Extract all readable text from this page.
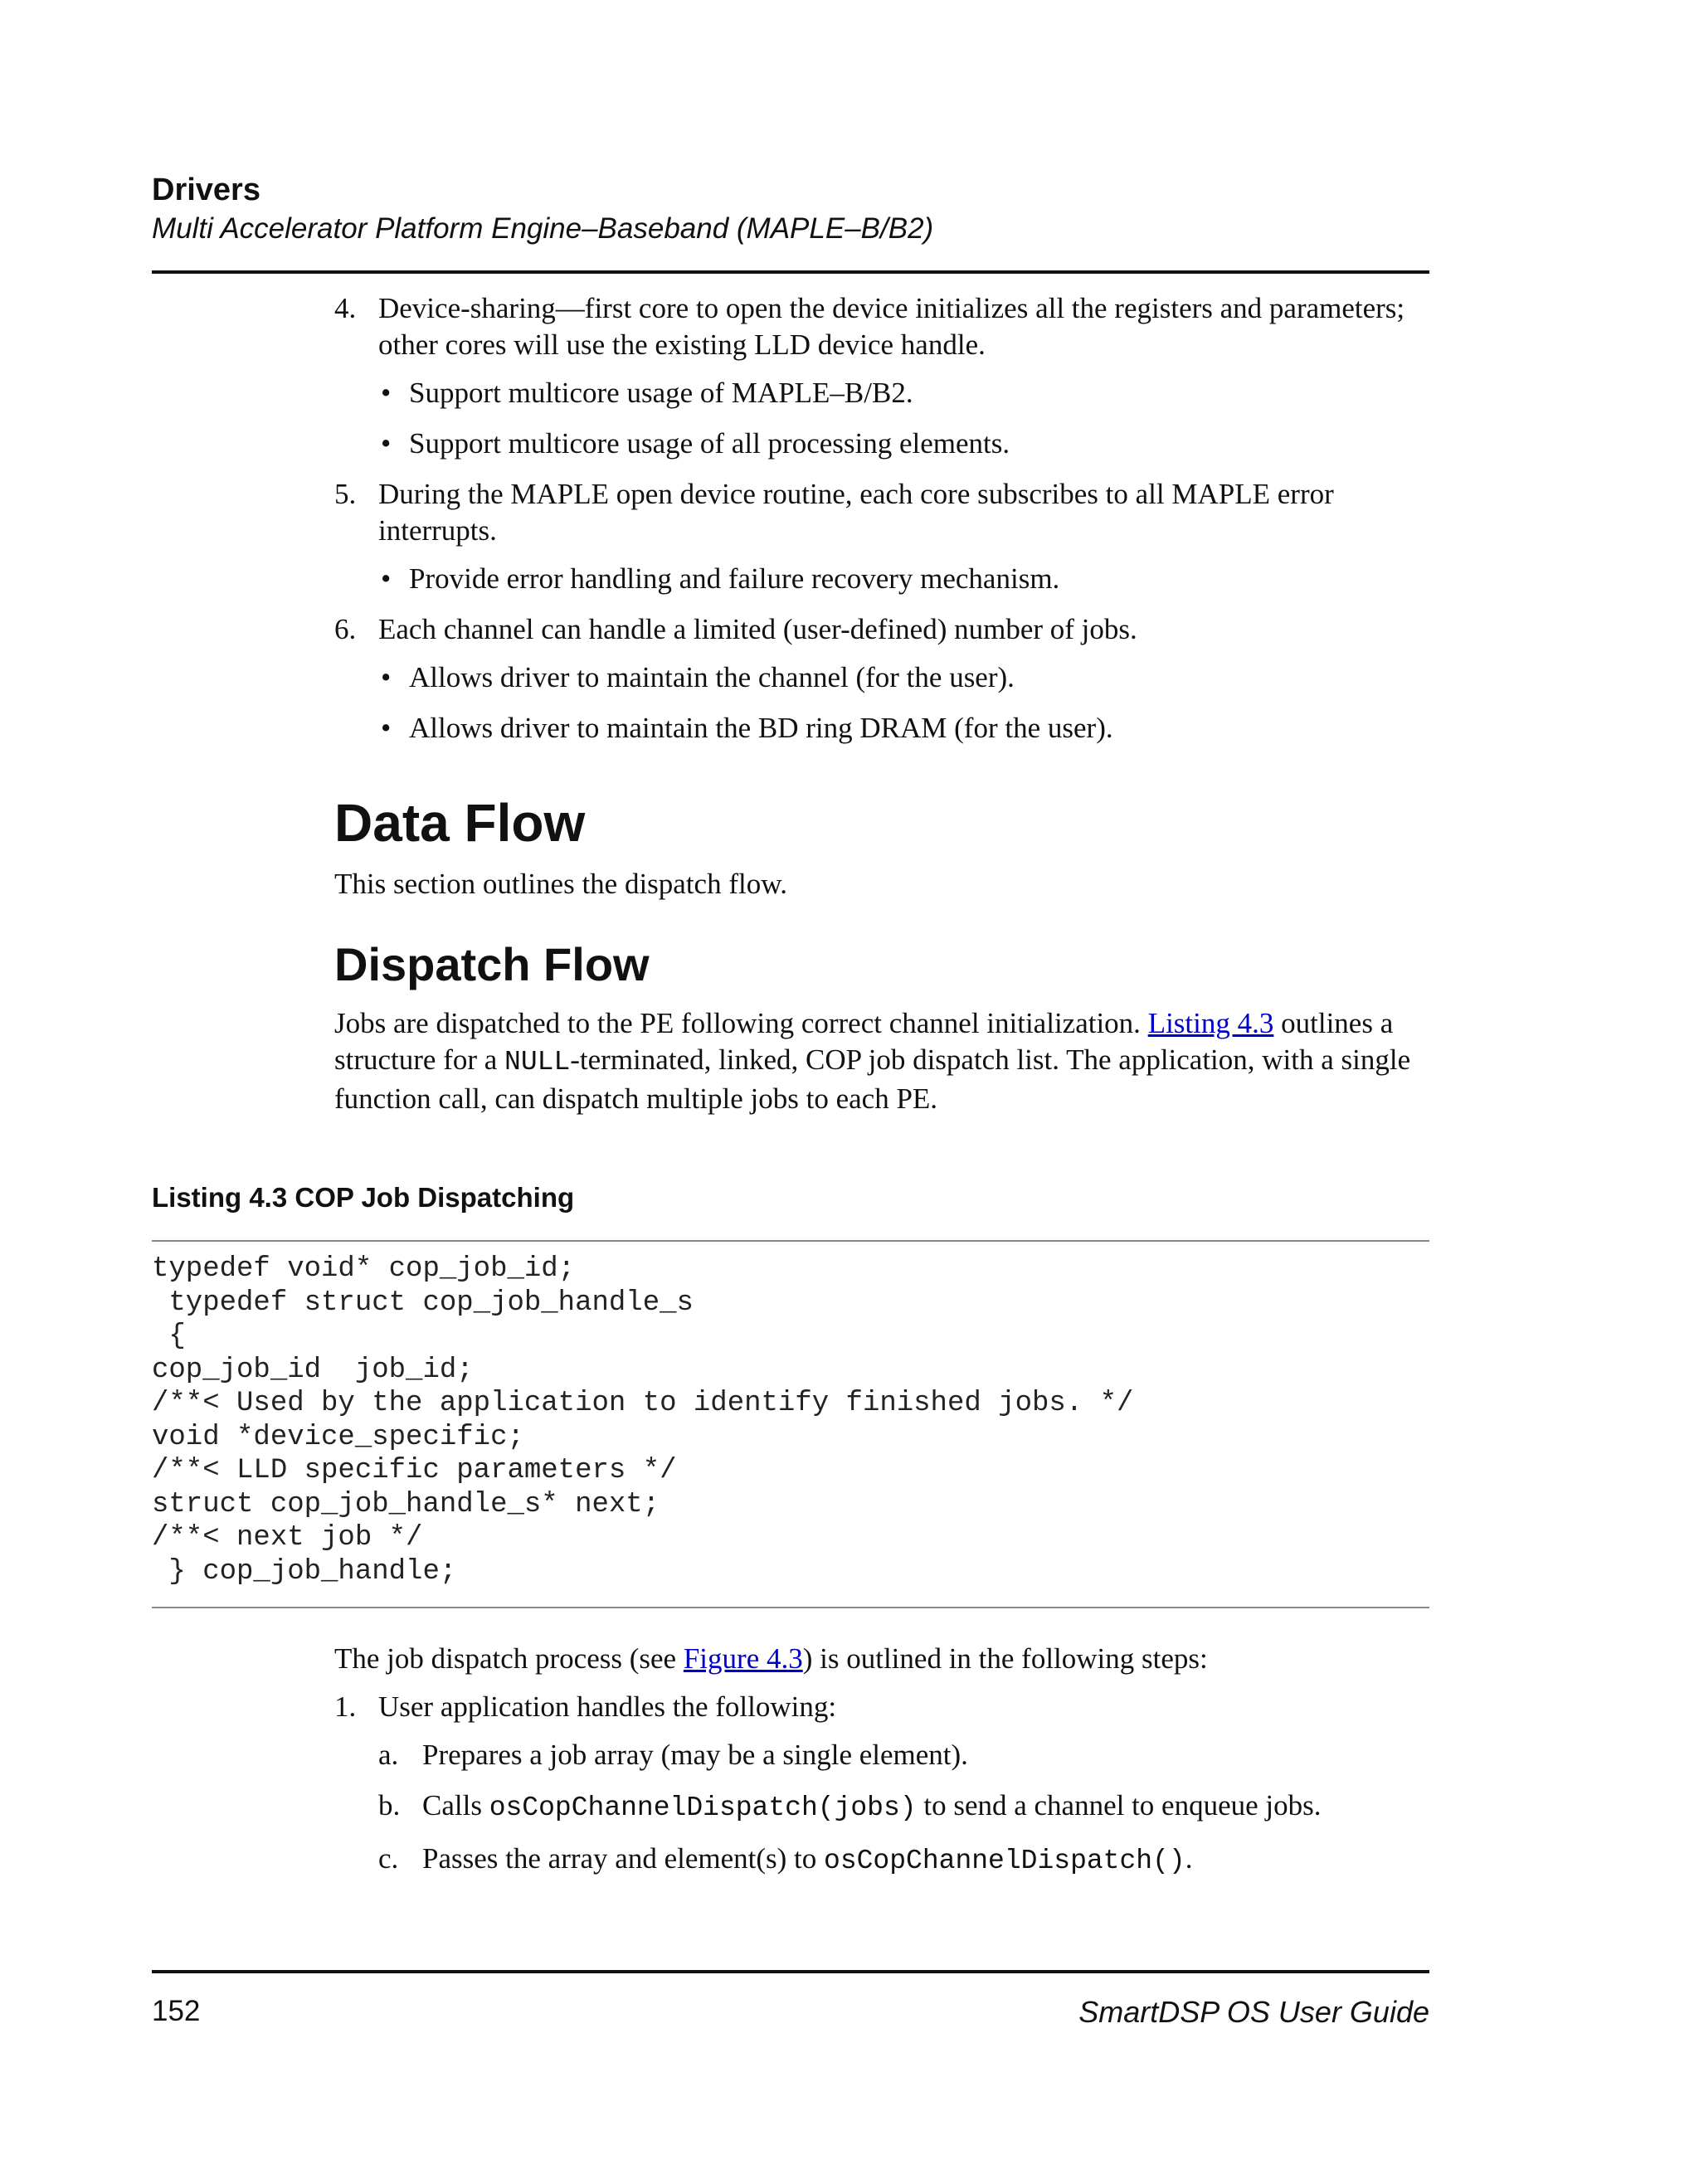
Drivers
Multi Accelerator Platform Engine–Baseband (MAPLE–B/B2)
4. Device-sharing—first core to open the device initializes all the registers and parameters; other cores will use the existing LLD device handle.
• Support multicore usage of MAPLE–B/B2.
• Support multicore usage of all processing elements.
5. During the MAPLE open device routine, each core subscribes to all MAPLE error interrupts.
• Provide error handling and failure recovery mechanism.
6. Each channel can handle a limited (user-defined) number of jobs.
• Allows driver to maintain the channel (for the user).
• Allows driver to maintain the BD ring DRAM (for the user).
Data Flow

This section outlines the dispatch flow.

Dispatch Flow

Jobs are dispatched to the PE following correct channel initialization. Listing 4.3 outlines a structure for a NULL-terminated, linked, COP job dispatch list. The application, with a single function call, can dispatch multiple jobs to each PE.

Listing 4.3 COP Job Dispatching
typedef void* cop_job_id;
typedef struct cop_job_handle_s
{
cop_job_id  job_id;
/**< Used by the application to identify finished jobs. */
void *device_specific;
/**< LLD specific parameters */
struct cop_job_handle_s* next;
/**< next job */
} cop_job_handle;

The job dispatch process (see Figure 4.3) is outlined in the following steps:

1. User application handles the following:
a. Prepares a job array (may be a single element).
b. Calls osCopChannelDispatch(jobs) to send a channel to enqueue jobs.
c. Passes the array and element(s) to osCopChannelDispatch().
152	SmartDSP OS User Guide
